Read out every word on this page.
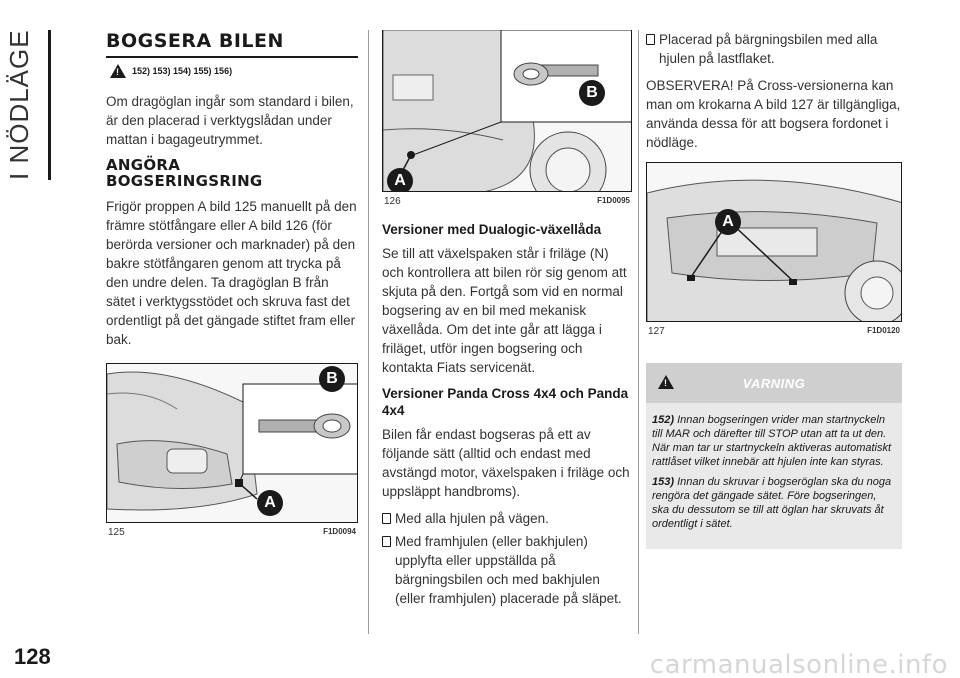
I NÖDLÄGE	BOGSERA BILEN
!
152) 153) 154) 155) 156)

Om dragöglan ingår som standard i bilen, är den placerad i verktygslådan under mattan i bagageutrymmet.

ANGÖRA
BOGSERINGSRING

Frigör proppen A bild 125 manuellt på den främre stötfångare eller A bild 126 (för berörda versioner och marknader) på den bakre stötfångaren genom att trycka på den undre delen. Ta dragöglan B från sätet i verktygsstödet och skruva fast det ordentligt på det gängade stiftet fram eller bak.

B
A
125	F1D0094
B
A
126	F1D0095
Versioner med Dualogic-växellåda

Se till att växelspaken står i friläge (N) och kontrollera att bilen rör sig genom att skjuta på den. Fortgå som vid en normal bogsering av en bil med mekanisk växellåda. Om det inte går att lägga i friläget, utför ingen bogsering och kontakta Fiats servicenät.

Versioner Panda Cross 4x4 och Panda 4x4

Bilen får endast bogseras på ett av följande sätt (alltid och endast med avstängd motor, växelspaken i friläge och uppsläppt handbroms).

Med alla hjulen på vägen.
Med framhjulen (eller bakhjulen) upplyfta eller uppställda på bärgningsbilen och med bakhjulen (eller framhjulen) placerade på släpet.
Placerad på bärgningsbilen med alla hjulen på lastflaket.

OBSERVERA! På Cross-versionerna kan man om krokarna A bild 127 är tillgängliga, använda dessa för att bogsera fordonet i nödläge.

A
127	F1D0120
!
VARNING
152) Innan bogseringen vrider man startnyckeln till MAR och därefter till STOP utan att ta ut den. När man tar ur startnyckeln aktiveras automatiskt rattlåset vilket innebär att hjulen inte kan styras.
153) Innan du skruvar i bogseröglan ska du noga rengöra det gängade sätet. Före bogseringen, ska du dessutom se till att öglan har skruvats åt ordentligt i sätet.
128	carmanualsonline.info
